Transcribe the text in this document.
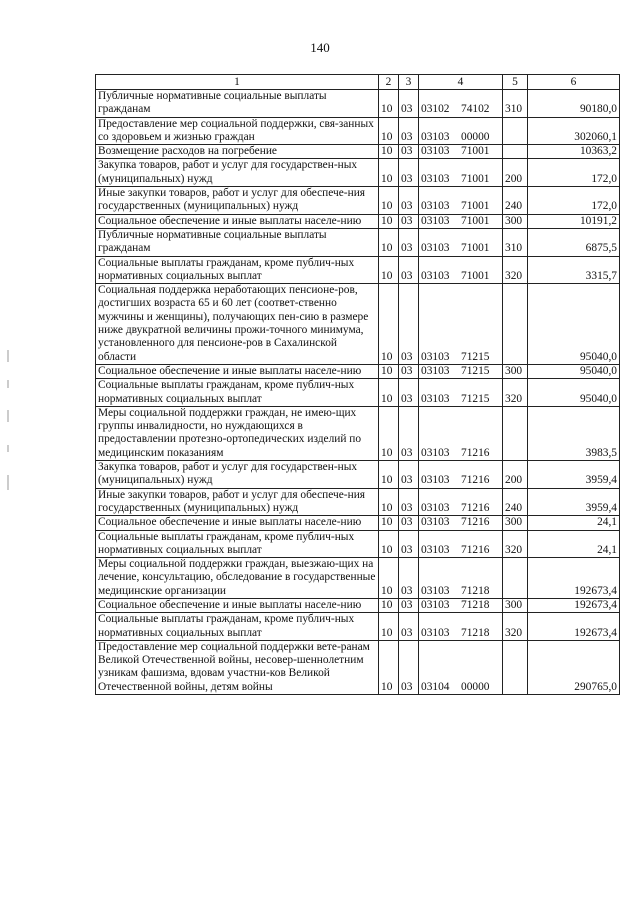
140
1	2	3	4	5	6
Публичные нормативные социальные выплаты гражданам	10	03	03102 74102	310	90180,0
Предоставление мер социальной поддержки, свя-занных со здоровьем и жизнью граждан	10	03	03103 00000		302060,1
Возмещение расходов на погребение	10	03	03103 71001		10363,2
Закупка товаров, работ и услуг для государствен-ных (муниципальных) нужд	10	03	03103 71001	200	172,0
Иные закупки товаров, работ и услуг для обеспече-ния государственных (муниципальных) нужд	10	03	03103 71001	240	172,0
Социальное обеспечение и иные выплаты населе-нию	10	03	03103 71001	300	10191,2
Публичные нормативные социальные выплаты гражданам	10	03	03103 71001	310	6875,5
Социальные выплаты гражданам, кроме публич-ных нормативных социальных выплат	10	03	03103 71001	320	3315,7
Социальная поддержка неработающих пенсионе-ров, достигших возраста 65 и 60 лет (соответ-ственно мужчины и женщины), получающих пен-сию в размере ниже двукратной величины прожи-точного минимума, установленного для пенсионе-ров в Сахалинской области	10	03	03103 71215		95040,0
Социальное обеспечение и иные выплаты населе-нию	10	03	03103 71215	300	95040,0
Социальные выплаты гражданам, кроме публич-ных нормативных социальных выплат	10	03	03103 71215	320	95040,0
Меры социальной поддержки граждан, не имею-щих группы инвалидности, но нуждающихся в предоставлении протезно-ортопедических изделий по медицинским показаниям	10	03	03103 71216		3983,5
Закупка товаров, работ и услуг для государствен-ных (муниципальных) нужд	10	03	03103 71216	200	3959,4
Иные закупки товаров, работ и услуг для обеспече-ния государственных (муниципальных) нужд	10	03	03103 71216	240	3959,4
Социальное обеспечение и иные выплаты населе-нию	10	03	03103 71216	300	24,1
Социальные выплаты гражданам, кроме публич-ных нормативных социальных выплат	10	03	03103 71216	320	24,1
Меры социальной поддержки граждан, выезжаю-щих на лечение, консультацию, обследование в государственные медицинские организации	10	03	03103 71218		192673,4
Социальное обеспечение и иные выплаты населе-нию	10	03	03103 71218	300	192673,4
Социальные выплаты гражданам, кроме публич-ных нормативных социальных выплат	10	03	03103 71218	320	192673,4
Предоставление мер социальной поддержки вете-ранам Великой Отечественной войны, несовер-шеннолетним узникам фашизма, вдовам участни-ков Великой Отечественной войны, детям войны	10	03	03104 00000		290765,0
